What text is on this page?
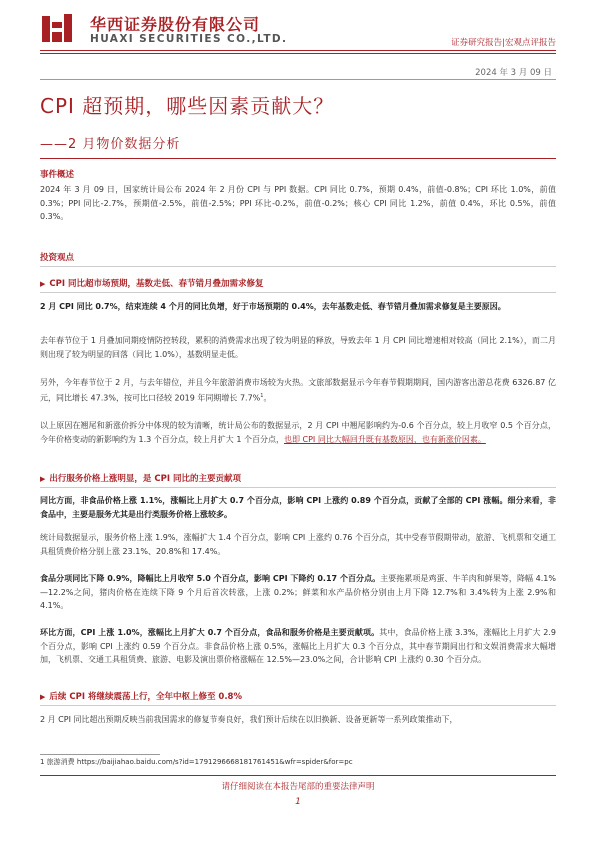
华西证券股份有限公司
HUAXI SECURITIES CO.,LTD.	证券研究报告|宏观点评报告
2024 年 3 月 09 日
CPI 超预期，哪些因素贡献大？
——2 月物价数据分析
事件概述
2024 年 3 月 09 日，国家统计局公布 2024 年 2 月份 CPI 与 PPI 数据。CPI 同比 0.7%，预期 0.4%，前值-0.8%；CPI 环比 1.0%，前值 0.3%；PPI 同比-2.7%，预期值-2.5%，前值-2.5%；PPI 环比-0.2%，前值-0.2%；核心 CPI 同比 1.2%，前值 0.4%，环比 0.5%，前值 0.3%。
投资观点
▶ CPI 同比超市场预期，基数走低、春节错月叠加需求修复
2 月 CPI 同比 0.7%，结束连续 4 个月的同比负增，好于市场预期的 0.4%，去年基数走低、春节错月叠加需求修复是主要原因。
去年春节位于 1 月叠加同期疫情防控转段，累积的消费需求出现了较为明显的释放，导致去年 1 月 CPI 同比增速相对较高（同比 2.1%），而二月则出现了较为明显的回落（同比 1.0%），基数明显走低。
另外，今年春节位于 2 月，与去年错位，并且今年旅游消费市场较为火热。文旅部数据显示今年春节假期期间，国内游客出游总花费 6326.87 亿元，同比增长 47.3%，按可比口径较 2019 年同期增长 7.7%$^1$。
以上原因在翘尾和新涨价拆分中体现的较为清晰，统计局公布的数据显示，2 月 CPI 中翘尾影响约为-0.6 个百分点，较上月收窄 0.5 个百分点，今年价格变动的新影响约为 1.3 个百分点，较上月扩大 1 个百分点，也即 CPI 同比大幅回升既有基数原因，也有新涨价因素。
▶ 出行服务价格上涨明显，是 CPI 同比的主要贡献项
同比方面，非食品价格上涨 1.1%，涨幅比上月扩大 0.7 个百分点，影响 CPI 上涨约 0.89 个百分点，贡献了全部的 CPI 涨幅。细分来看，非食品中，主要是服务尤其是出行类服务价格上涨较多。
统计局数据显示，服务价格上涨 1.9%，涨幅扩大 1.4 个百分点，影响 CPI 上涨约 0.76 个百分点，其中受春节假期带动，旅游、飞机票和交通工具租赁费价格分别上涨 23.1%、20.8%和 17.4%。
食品分项同比下降 0.9%，降幅比上月收窄 5.0 个百分点，影响 CPI 下降约 0.17 个百分点。主要拖累项是鸡蛋、牛羊肉和鲜果等，降幅 4.1%—12.2%之间，猪肉价格在连续下降 9 个月后首次转涨，上涨 0.2%；鲜菜和水产品价格分别由上月下降 12.7%和 3.4%转为上涨 2.9%和 4.1%。
环比方面，CPI 上涨 1.0%，涨幅比上月扩大 0.7 个百分点，食品和服务价格是主要贡献项。其中，食品价格上涨 3.3%，涨幅比上月扩大 2.9 个百分点，影响 CPI 上涨约 0.59 个百分点。非食品价格上涨 0.5%，涨幅比上月扩大 0.3 个百分点，其中春节期间出行和文娱消费需求大幅增加，飞机票、交通工具租赁费、旅游、电影及演出票价格涨幅在 12.5%—23.0%之间，合计影响 CPI 上涨约 0.30 个百分点。
▶ 后续 CPI 将继续震荡上行，全年中枢上修至 0.8%
2 月 CPI 同比超出预期反映当前我国需求的修复节奏良好，我们预计后续在以旧换新、设备更新等一系列政策推动下，
1 旅游消费 https://baijiahao.baidu.com/s?id=1791296668181761451&wfr=spider&for=pc
请仔细阅读在本报告尾部的重要法律声明
1
